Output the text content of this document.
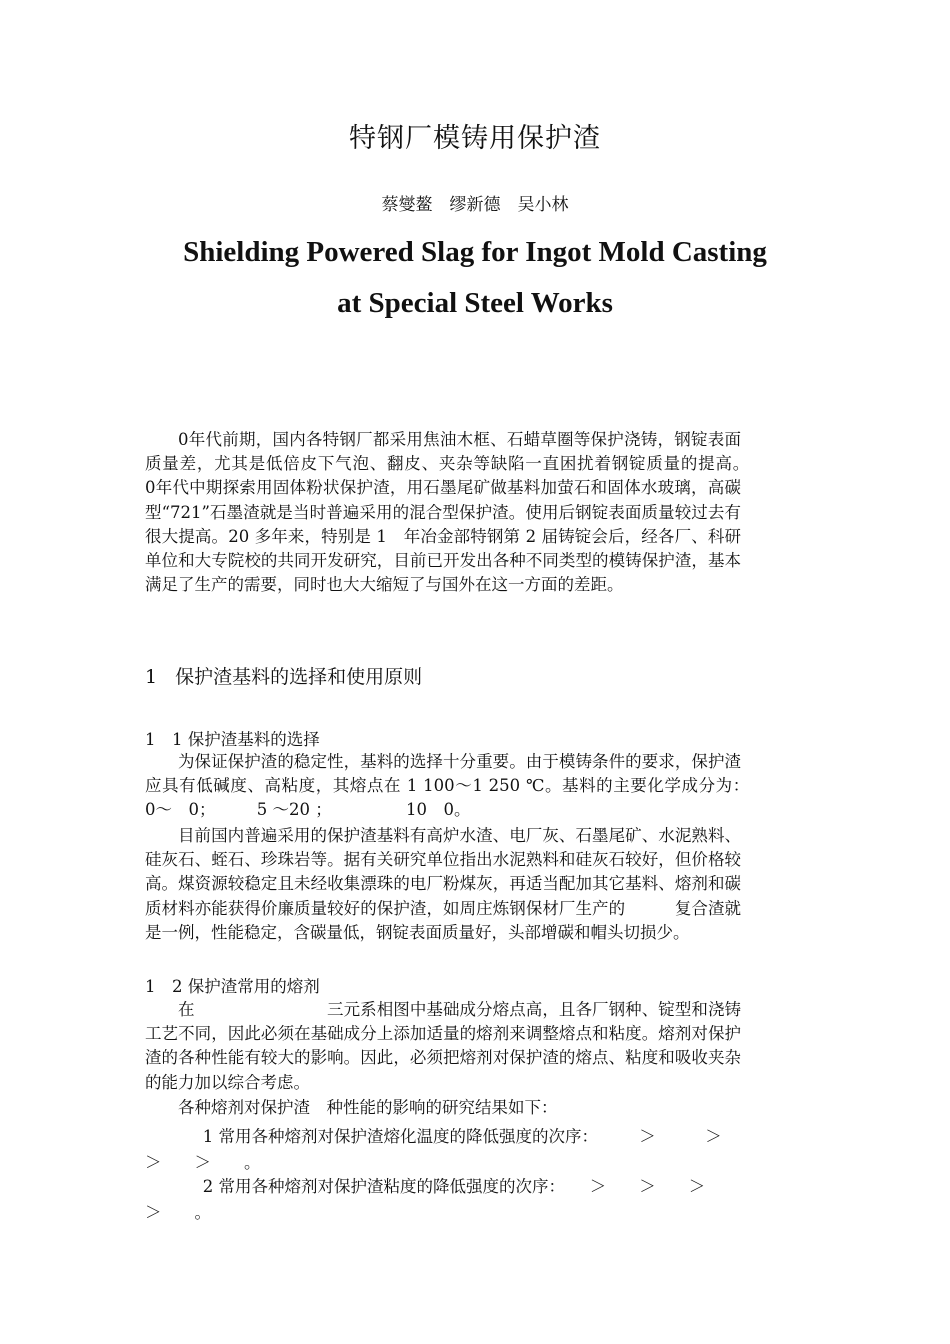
特钢厂模铸用保护渣
蔡燮鳌　缪新德　吴小林
Shielding Powered Slag for Ingot Mold Casting
at Special Steel Works
0年代前期，国内各特钢厂都采用焦油木框、石蜡草圈等保护浇铸，钢锭表面质量差，尤其是低倍皮下气泡、翻皮、夹杂等缺陷一直困扰着钢锭质量的提高。　0年代中期探索用固体粉状保护渣，用石墨尾矿做基料加萤石和固体水玻璃，高碳型“721”石墨渣就是当时普遍采用的混合型保护渣。使用后钢锭表面质量较过去有很大提高。20 多年来，特别是 1　年冶金部特钢第 2 届铸锭会后，经各厂、科研单位和大专院校的共同开发研究，目前已开发出各种不同类型的模铸保护渣，基本满足了生产的需要，同时也大大缩短了与国外在这一方面的差距。
1 保护渣基料的选择和使用原则
1　1 保护渣基料的选择
为保证保护渣的稳定性，基料的选择十分重要。由于模铸条件的要求，保护渣应具有低碱度、高粘度，其熔点在 1 100～1 250 ℃。基料的主要化学成分为：　　　0～　0；　　　5 ～20 ；　　　　　10　0。
目前国内普遍采用的保护渣基料有高炉水渣、电厂灰、石墨尾矿、水泥熟料、硅灰石、蛭石、珍珠岩等。据有关研究单位指出水泥熟料和硅灰石较好，但价格较高。煤资源较稳定且未经收集漂珠的电厂粉煤灰，再适当配加其它基料、熔剂和碳质材料亦能获得价廉质量较好的保护渣，如周庄炼钢保材厂生产的　　　复合渣就是一例，性能稳定，含碳量低，钢锭表面质量好，头部增碳和帽头切损少。
1　2 保护渣常用的熔剂
在　　　　　　　　三元系相图中基础成分熔点高，且各厂钢种、锭型和浇铸工艺不同，因此必须在基础成分上添加适量的熔剂来调整熔点和粘度。熔剂对保护渣的各种性能有较大的影响。因此，必须把熔剂对保护渣的熔点、粘度和吸收夹杂的能力加以综合考虑。
各种熔剂对保护渣　种性能的影响的研究结果如下：
1 常用各种熔剂对保护渣熔化温度的降低强度的次序：　　　＞　　　＞　　＞　　＞　　。
2 常用各种熔剂对保护渣粘度的降低强度的次序：　　＞　　＞　　＞　　＞　　。
